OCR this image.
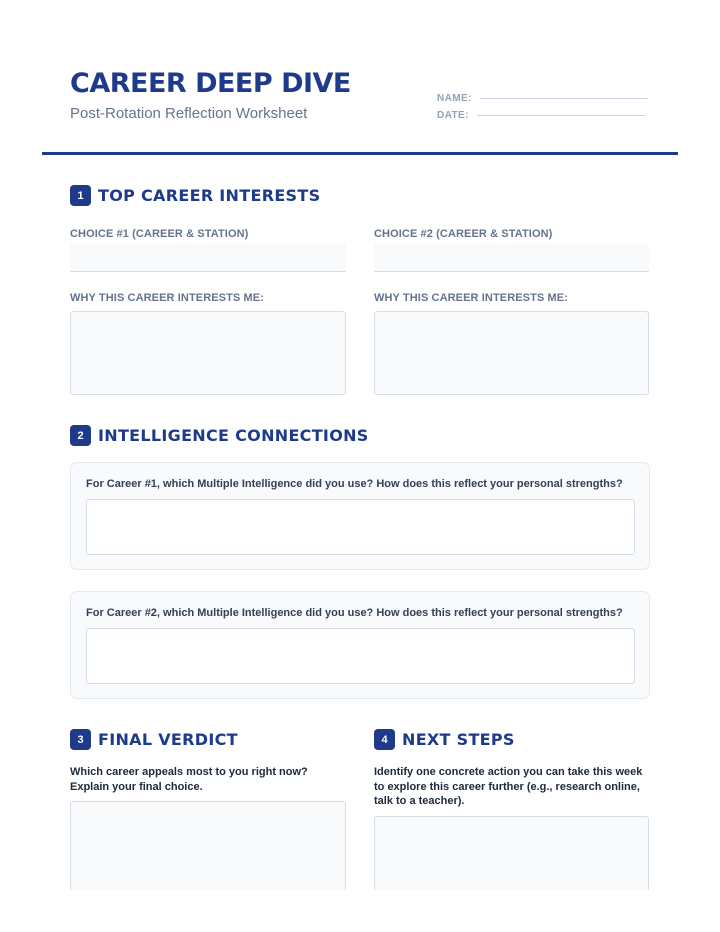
CAREER DEEP DIVE
Post-Rotation Reflection Worksheet
NAME:
DATE:
1 TOP CAREER INTERESTS
CHOICE #1 (CAREER & STATION)	CHOICE #2 (CAREER & STATION)
WHY THIS CAREER INTERESTS ME:	WHY THIS CAREER INTERESTS ME:
2 INTELLIGENCE CONNECTIONS
For Career #1, which Multiple Intelligence did you use? How does this reflect your personal strengths?
For Career #2, which Multiple Intelligence did you use? How does this reflect your personal strengths?
3 FINAL VERDICT
Which career appeals most to you right now? Explain your final choice.
4 NEXT STEPS
Identify one concrete action you can take this week to explore this career further (e.g., research online, talk to a teacher).
